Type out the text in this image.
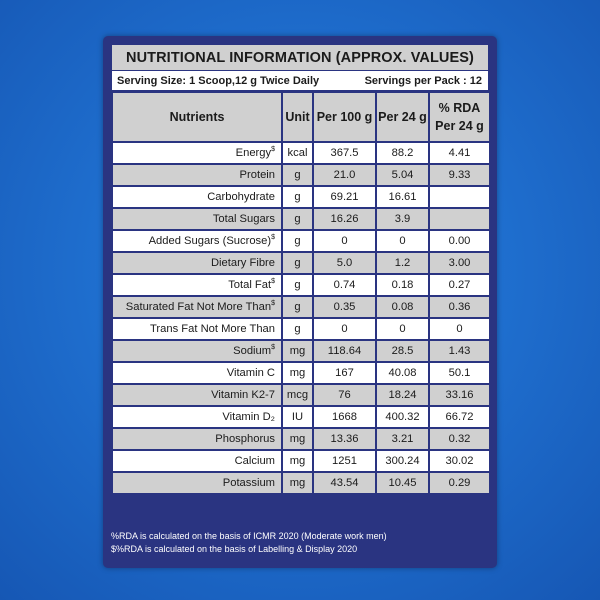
NUTRITIONAL INFORMATION (APPROX. VALUES)
Serving Size: 1 Scoop,12 g Twice Daily	Servings per Pack : 12
Nutrients	Unit	Per 100 g	Per 24 g	% RDA
Per 24 g
Energy$	kcal	367.5	88.2	4.41
Protein	g	21.0	5.04	9.33
Carbohydrate	g	69.21	16.61	
Total Sugars	g	16.26	3.9	
Added Sugars (Sucrose)$	g	0	0	0.00
Dietary Fibre	g	5.0	1.2	3.00
Total Fat$	g	0.74	0.18	0.27
Saturated Fat Not More Than$	g	0.35	0.08	0.36
Trans Fat Not More Than	g	0	0	0
Sodium$	mg	118.64	28.5	1.43
Vitamin C	mg	167	40.08	50.1
Vitamin K2-7	mcg	76	18.24	33.16
Vitamin D₂	IU	1668	400.32	66.72
Phosphorus	mg	13.36	3.21	0.32
Calcium	mg	1251	300.24	30.02
Potassium	mg	43.54	10.45	0.29
%RDA is calculated on the basis of ICMR 2020 (Moderate work men)
$%RDA is calculated on the basis of Labelling & Display 2020
